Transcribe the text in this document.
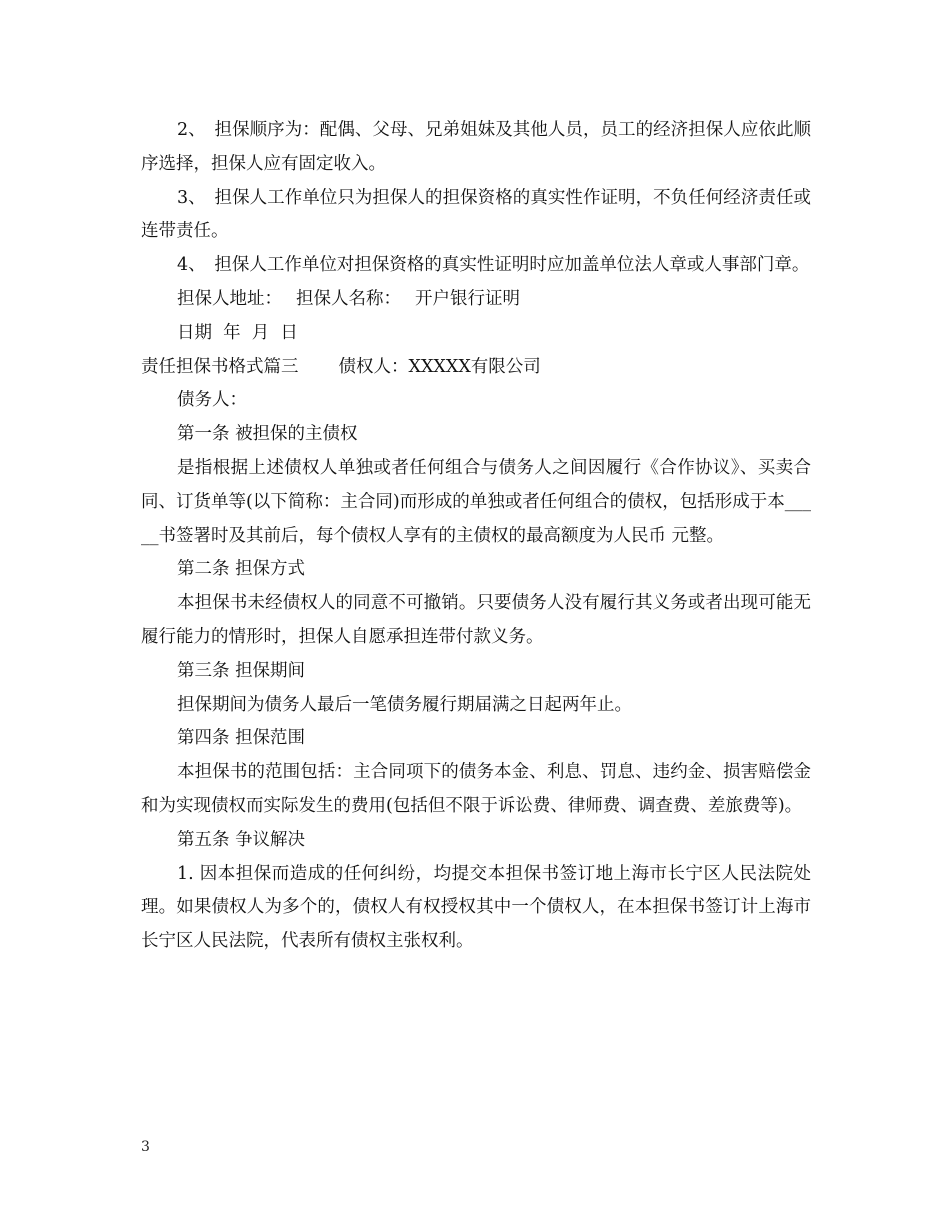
2、　担保顺序为：配偶、父母、兄弟姐妹及其他人员，员工的经济担保人应依此顺序选择，担保人应有固定收入。

3、　担保人工作单位只为担保人的担保资格的真实性作证明，不负任何经济责任或连带责任。

4、　担保人工作单位对担保资格的真实性证明时应加盖单位法人章或人事部门章。

担保人地址： 担保人名称： 开户银行证明

日期 年 月 日

责任担保书格式篇三 债权人：XXXXX有限公司

债务人：

第一条 被担保的主债权

是指根据上述债权人单独或者任何组合与债务人之间因履行《合作协议》、买卖合同、订货单等(以下简称：主合同)而形成的单独或者任何组合的债权，包括形成于本_____书签署时及其前后，每个债权人享有的主债权的最高额度为人民币 元整。

第二条 担保方式

本担保书未经债权人的同意不可撤销。只要债务人没有履行其义务或者出现可能无履行能力的情形时，担保人自愿承担连带付款义务。

第三条 担保期间

担保期间为债务人最后一笔债务履行期届满之日起两年止。

第四条 担保范围

本担保书的范围包括：主合同项下的债务本金、利息、罚息、违约金、损害赔偿金和为实现债权而实际发生的费用(包括但不限于诉讼费、律师费、调查费、差旅费等)。

第五条 争议解决

1. 因本担保而造成的任何纠纷，均提交本担保书签订地上海市长宁区人民法院处理。如果债权人为多个的，债权人有权授权其中一个债权人，在本担保书签订计上海市长宁区人民法院，代表所有债权主张权利。

3
